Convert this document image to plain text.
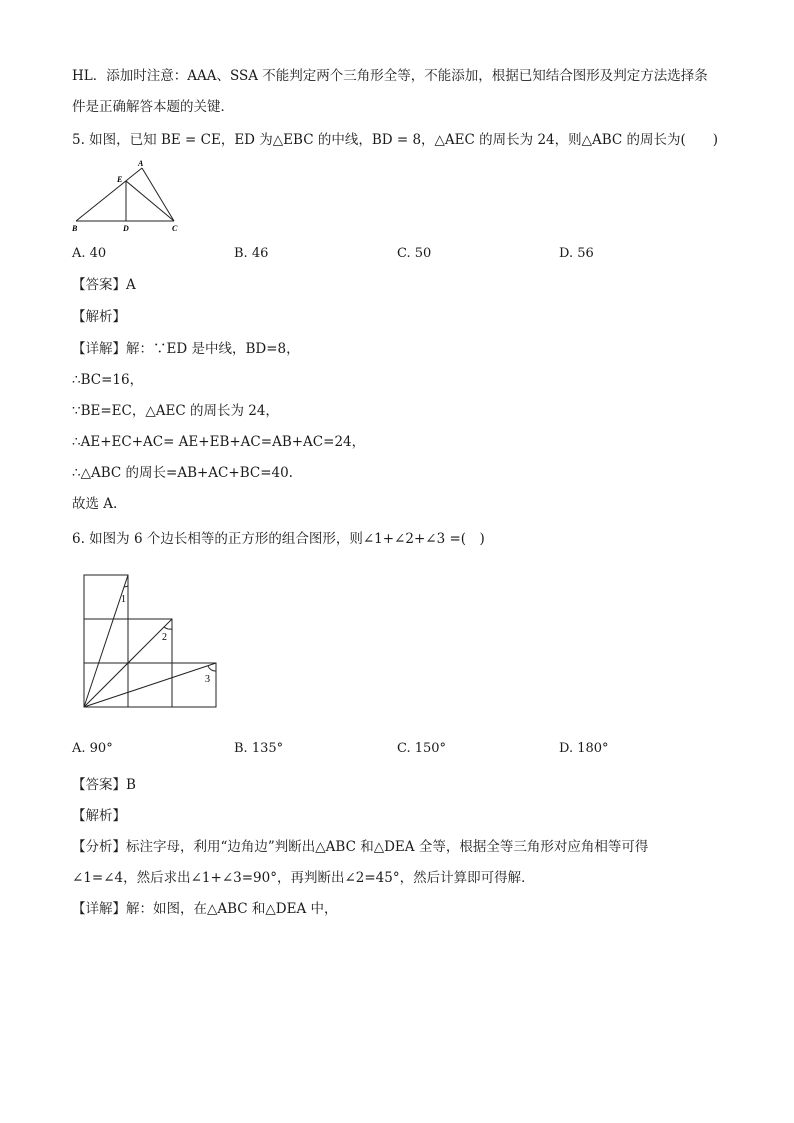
HL．添加时注意：AAA、SSA 不能判定两个三角形全等，不能添加，根据已知结合图形及判定方法选择条
件是正确解答本题的关键．
5. 如图，已知 BE = CE，ED 为△EBC 的中线，BD = 8，△AEC 的周长为 24，则△ABC 的周长为(　　)
A
E
B	D	C
A. 40	B. 46	C. 50	D. 56
【答案】A
【解析】
【详解】解：∵ED 是中线，BD=8，
∴BC=16，
∵BE=EC，△AEC 的周长为 24，
∴AE+EC+AC= AE+EB+AC=AB+AC=24，
∴△ABC 的周长=AB+AC+BC=40.
故选 A.
6. 如图为 6 个边长相等的正方形的组合图形，则∠1+∠2+∠3 =(　)
1
2
3
A. 90°	B. 135°	C. 150°	D. 180°
【答案】B
【解析】
【分析】标注字母，利用“边角边”判断出△ABC 和△DEA 全等，根据全等三角形对应角相等可得
∠1=∠4，然后求出∠1+∠3=90°，再判断出∠2=45°，然后计算即可得解．
【详解】解：如图，在△ABC 和△DEA 中，
